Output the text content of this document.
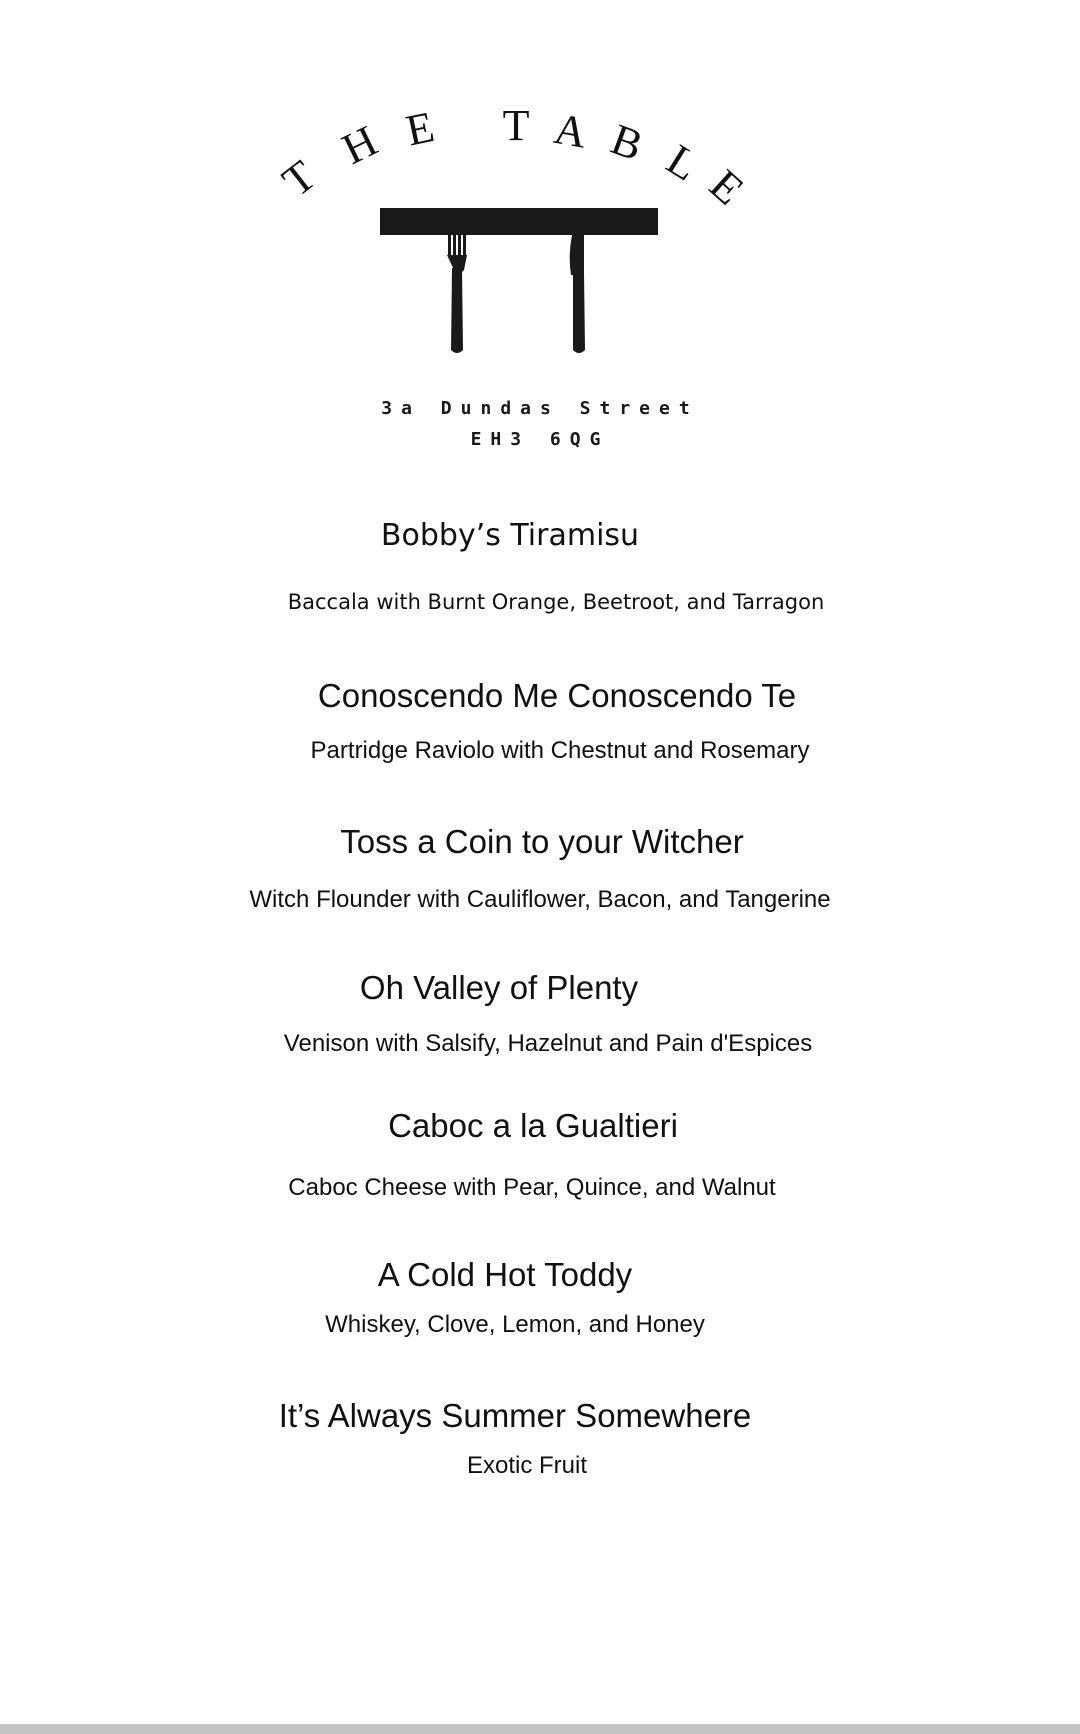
T
H E T A B L
E
3a Dundas Street
EH3 6QG
Bobby’s Tiramisu
Baccala with Burnt Orange, Beetroot, and Tarragon
Conoscendo Me Conoscendo Te
Partridge Raviolo with Chestnut and Rosemary
Toss a Coin to your Witcher
Witch Flounder with Cauliflower, Bacon, and Tangerine
Oh Valley of Plenty
Venison with Salsify, Hazelnut and Pain d'Espices
Caboc a la Gualtieri
Caboc Cheese with Pear, Quince, and Walnut
A Cold Hot Toddy
Whiskey, Clove, Lemon, and Honey
It’s Always Summer Somewhere
Exotic Fruit
